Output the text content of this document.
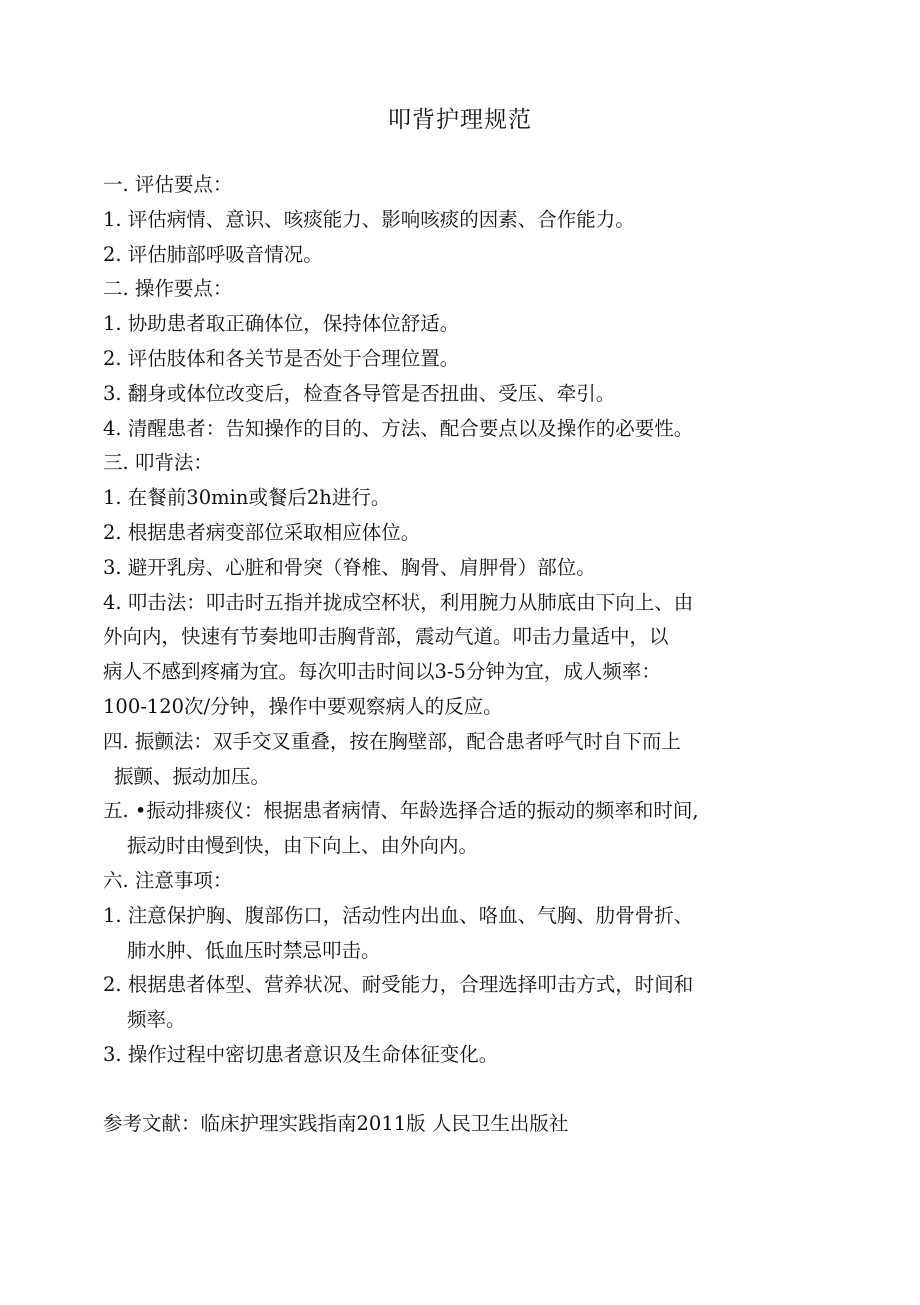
叩背护理规范
一. 评估要点：
1. 评估病情、意识、咳痰能力、影响咳痰的因素、合作能力。
2. 评估肺部呼吸音情况。
二. 操作要点：
1. 协助患者取正确体位，保持体位舒适。
2. 评估肢体和各关节是否处于合理位置。
3. 翻身或体位改变后，检查各导管是否扭曲、受压、牵引。
4. 清醒患者：告知操作的目的、方法、配合要点以及操作的必要性。
三. 叩背法：
1. 在餐前30min或餐后2h进行。
2. 根据患者病变部位采取相应体位。
3. 避开乳房、心脏和骨突（脊椎、胸骨、肩胛骨）部位。
4. 叩击法：叩击时五指并拢成空杯状，利用腕力从肺底由下向上、由
外向内，快速有节奏地叩击胸背部，震动气道。叩击力量适中，以
病人不感到疼痛为宜。每次叩击时间以3-5分钟为宜，成人频率：
100-120次/分钟，操作中要观察病人的反应。
四. 振颤法：双手交叉重叠，按在胸壁部，配合患者呼气时自下而上
振颤、振动加压。
五. •振动排痰仪：根据患者病情、年龄选择合适的振动的频率和时间,
振动时由慢到快，由下向上、由外向内。
六. 注意事项：
1. 注意保护胸、腹部伤口，活动性内出血、咯血、气胸、肋骨骨折、
肺水肿、低血压时禁忌叩击。
2. 根据患者体型、营养状况、耐受能力，合理选择叩击方式，时间和
频率。
3. 操作过程中密切患者意识及生命体征变化。
参考文献：临床护理实践指南2011版 人民卫生出版社
